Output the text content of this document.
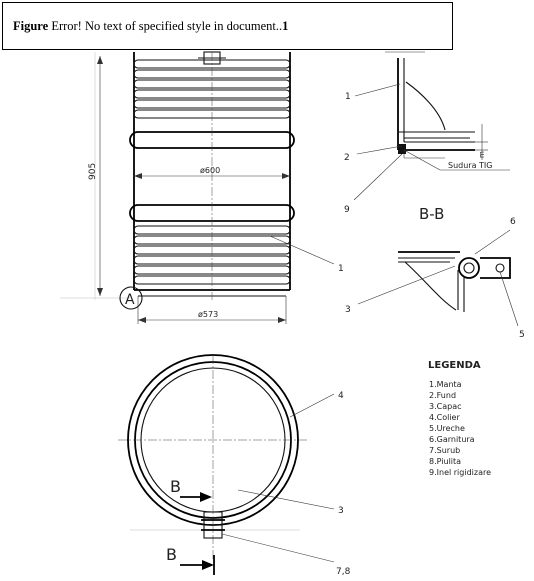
905	ø600
ø573
A
1
m
Sudura TIG
1
2
9	B-B	6
3
5
B
B
4
3
7,8
LEGENDA
1.Manta
2.Fund
3.Capac
4.Colier
5.Ureche
6.Garnitura
7.Surub
8.Piulita
9.Inel rigidizare
Figure Error! No text of specified style in document..1
